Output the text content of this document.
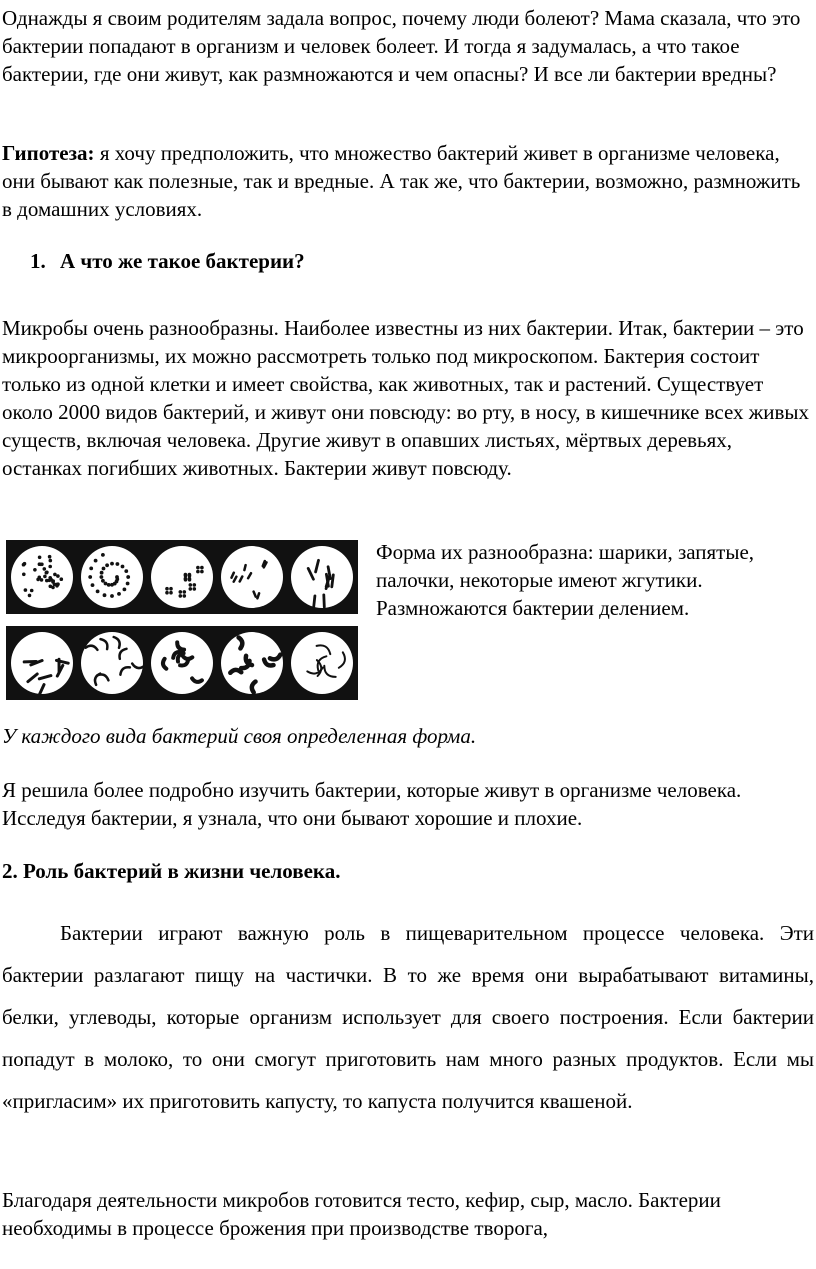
Однажды я своим родителям задала вопрос, почему люди болеют? Мама сказала, что это бактерии попадают в организм и человек болеет. И тогда я задумалась, а что такое бактерии, где они живут, как размножаются и чем опасны? И все ли бактерии вредны?

Гипотеза: я хочу предположить, что множество бактерий живет в организме человека, они бывают как полезные, так и вредные. А так же, что бактерии, возможно, размножить в домашних условиях.

1. А что же такое бактерии?

Микробы очень разнообразны. Наиболее известны из них бактерии. Итак, бактерии – это микроорганизмы, их можно рассмотреть только под микроскопом. Бактерия состоит только из одной клетки и имеет свойства, как животных, так и растений. Существует около 2000 видов бактерий, и живут они повсюду: во рту, в носу, в кишечнике всех живых существ, включая человека. Другие живут в опавших листьях, мёртвых деревьях, останках погибших животных. Бактерии живут повсюду.

Форма их разнообразна: шарики, запятые, палочки, некоторые имеют жгутики. Размножаются бактерии делением.

У каждого вида бактерий своя определенная форма.

Я решила более подробно изучить бактерии, которые живут в организме человека. Исследуя бактерии, я узнала, что они бывают хорошие и плохие.

2. Роль бактерий в жизни человека.

Бактерии играют важную роль в пищеварительном процессе человека. Эти бактерии разлагают пищу на частички. В то же время они вырабатывают витамины, белки, углеводы, которые организм использует для своего построения. Если бактерии попадут в молоко, то они смогут приготовить нам много разных продуктов. Если мы «пригласим» их приготовить капусту, то капуста получится квашеной.

Благодаря деятельности микробов готовится тесто, кефир, сыр, масло. Бактерии необходимы в процессе брожения при производстве творога,
